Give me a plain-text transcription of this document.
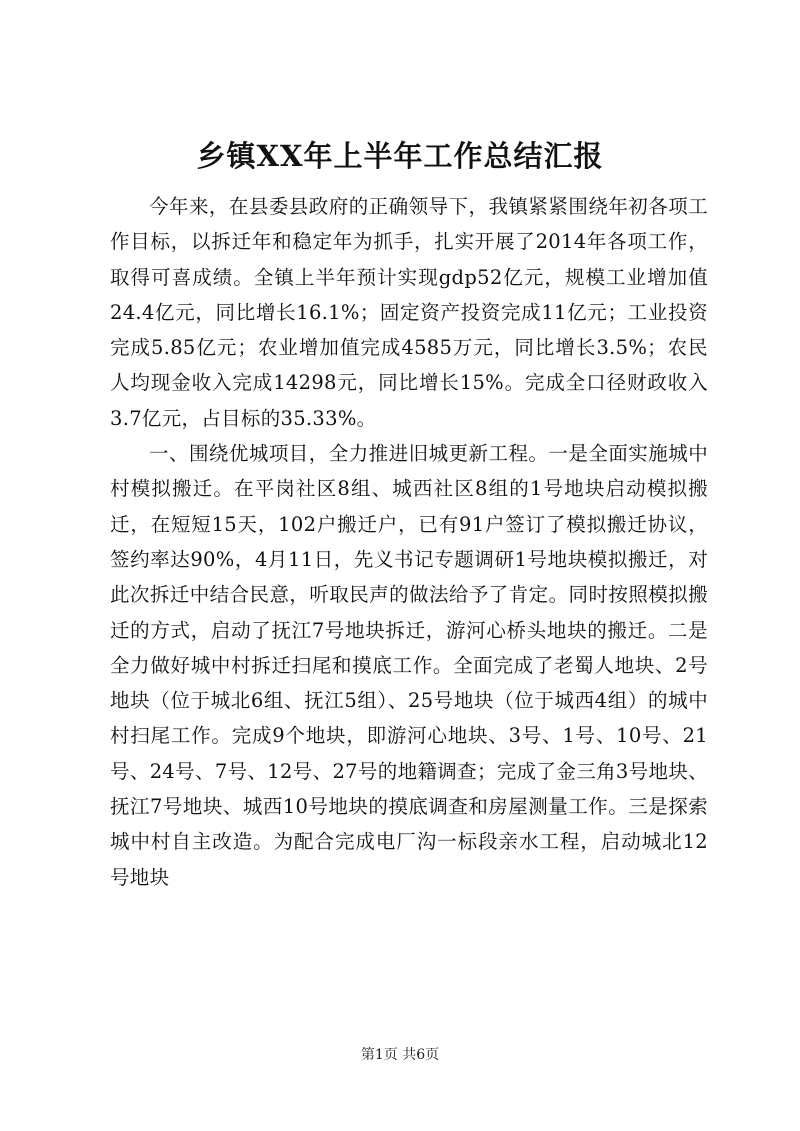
乡镇XX年上半年工作总结汇报

今年来，在县委县政府的正确领导下，我镇紧紧围绕年初各项工作目标，以拆迁年和稳定年为抓手，扎实开展了2014年各项工作，取得可喜成绩。全镇上半年预计实现gdp52亿元，规模工业增加值24.4亿元，同比增长16.1%；固定资产投资完成11亿元；工业投资完成5.85亿元；农业增加值完成4585万元，同比增长3.5%；农民人均现金收入完成14298元，同比增长15%。完成全口径财政收入3.7亿元，占目标的35.33%。

一、围绕优城项目，全力推进旧城更新工程。一是全面实施城中村模拟搬迁。在平岗社区8组、城西社区8组的1号地块启动模拟搬迁，在短短15天，102户搬迁户，已有91户签订了模拟搬迁协议，签约率达90%，4月11日，先义书记专题调研1号地块模拟搬迁，对此次拆迁中结合民意，听取民声的做法给予了肯定。同时按照模拟搬迁的方式，启动了抚江7号地块拆迁，游河心桥头地块的搬迁。二是全力做好城中村拆迁扫尾和摸底工作。全面完成了老蜀人地块、2号地块（位于城北6组、抚江5组）、25号地块（位于城西4组）的城中村扫尾工作。完成9个地块，即游河心地块、3号、1号、10号、21号、24号、7号、12号、27号的地籍调查；完成了金三角3号地块、抚江7号地块、城西10号地块的摸底调查和房屋测量工作。三是探索城中村自主改造。为配合完成电厂沟一标段亲水工程，启动城北12号地块

第1页 共6页
